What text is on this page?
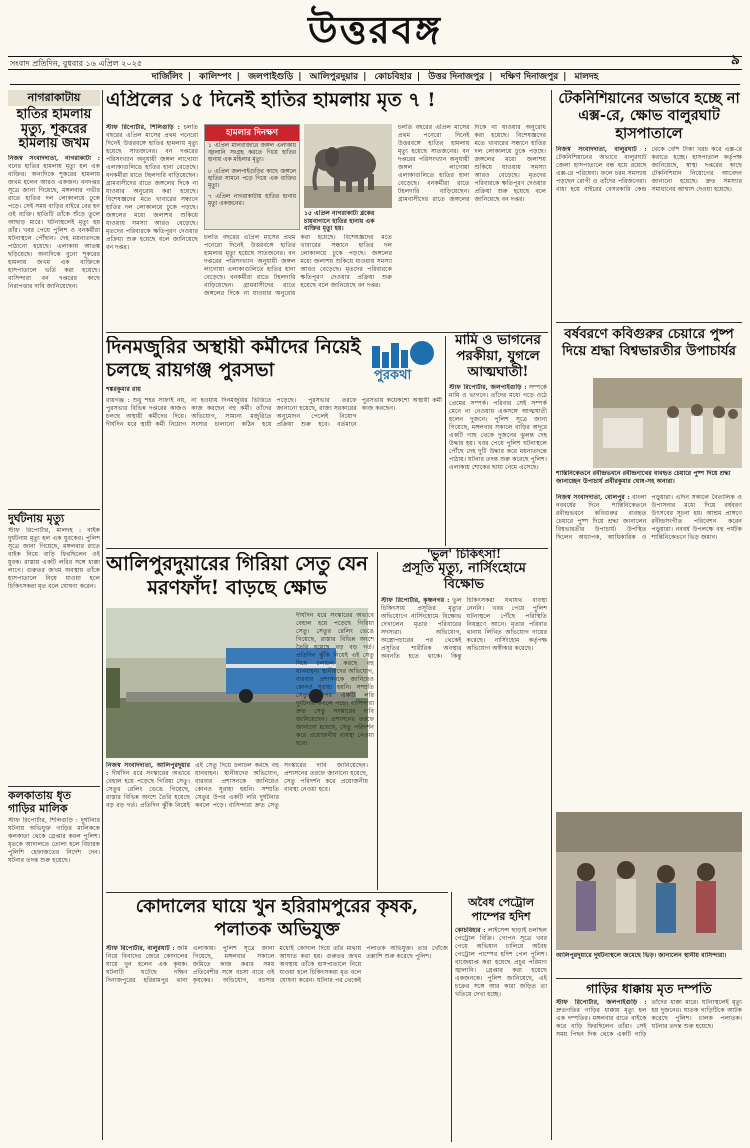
উত্তরবঙ্গ
সংবাদ প্রতিদিন, বুধবার ১৬ এপ্রিল ২০২৫	৯
দার্জিলিং | কালিম্পং | জলপাইগুড়ি | আলিপুরদুয়ার | কোচবিহার | উত্তর দিনাজপুর | দক্ষিণ দিনাজপুর | মালদহ
নাগরাকাটায়
হাতির হামলায় মৃত্যু, শূকরের
হামলায় জখম
নিজস্ব সংবাদদাতা, নাগরাকাটা : বনের হাতির হামলায় মৃত্যু হল এক ব্যক্তির। অন্যদিকে শূকরের হামলায় জখম হলেন আরও একজন। বনদপ্তর সূত্রে জানা গিয়েছে, মঙ্গলবার গভীর রাতে হাতির দল লোকালয়ে ঢুকে পড়ে। সেই সময় বাড়ির বাইরে বের হন ওই ব্যক্তি। হাতিটি তাঁকে শুঁড়ে তুলে আছাড় মারে। ঘটনাস্থলেই মৃত্যু হয় তাঁর। খবর পেয়ে পুলিশ ও বনকর্মীরা ঘটনাস্থলে পৌঁছান। দেহ ময়নাতদন্তে পাঠানো হয়েছে। এলাকায় আতঙ্ক ছড়িয়েছে। অন্যদিকে বুনো শূকরের হামলায় জখম এক ব্যক্তিকে হাসপাতালে ভর্তি করা হয়েছে। বাসিন্দারা বন দপ্তরের কাছে নিরাপত্তার দাবি জানিয়েছেন।
দুর্ঘটনায় মৃত্যু
স্টাফ রিপোর্টার, মালদহ : বাইক দুর্ঘটনায় মৃত্যু হল এক যুবকের। পুলিশ সূত্রে জানা গিয়েছে, মঙ্গলবার রাতে বাইক নিয়ে বাড়ি ফিরছিলেন ওই যুবক। রাস্তায় একটি লরির সঙ্গে ধাক্কা লাগে। গুরুতর জখম অবস্থায় তাঁকে হাসপাতালে নিয়ে যাওয়া হলে চিকিৎসকরা মৃত বলে ঘোষণা করেন।
কলকাতায় ধৃত গাড়ির মালিক
স্টাফ রিপোর্টার, শিলিগুড়ি : দুর্ঘটনার ঘটনায় অভিযুক্ত গাড়ির মালিককে কলকাতা থেকে গ্রেপ্তার করল পুলিশ। ধৃতকে আদালতে তোলা হলে বিচারক পুলিশি হেফাজতের নির্দেশ দেন। ঘটনার তদন্ত শুরু হয়েছে।
এপ্রিলের ১৫ দিনেই হাতির হামলায় মৃত ৭ !
স্টাফ রিপোর্টার, শিলিগুড়ি : চলতি বছরের এপ্রিল মাসের প্রথম পনেরো দিনেই উত্তরবঙ্গে হাতির হামলায় মৃত্যু হয়েছে সাতজনের। বন দপ্তরের পরিসংখ্যান অনুযায়ী জঙ্গল লাগোয়া এলাকাগুলিতে হাতির হানা বেড়েছে। বনকর্মীরা রাতে টহলদারি বাড়িয়েছেন। গ্রামবাসীদের রাতে জঙ্গলের দিকে না যাওয়ার অনুরোধ করা হয়েছে। বিশেষজ্ঞদের মতে খাবারের সন্ধানে হাতির দল লোকালয়ে ঢুকে পড়ছে। জঙ্গলের মধ্যে জলাশয় শুকিয়ে যাওয়ায় সমস্যা আরও বেড়েছে। মৃতদের পরিবারকে ক্ষতিপূরণ দেওয়ার প্রক্রিয়া শুরু হয়েছে বলে জানিয়েছে বন দপ্তর।
হামলার দিনক্ষণ
১ এপ্রিল মালবাজারে জঙ্গল এলাকায় জ্বালানি সংগ্রহ করতে গিয়ে হাতির হানায় এক মহিলার মৃত্যু।
৮ এপ্রিল জলপাইগুড়ির কাছে জঙ্গলে হাতির সামনে পড়ে গিয়ে এক ব্যক্তির মৃত্যু।
৭ এপ্রিল নাগরাকাটায় হাতির হানায় মৃত্যু একজনের।
১৫ এপ্রিল নাগরাকাটা ব্লকের চায়বাগানে হাতির হানায় এক ব্যক্তির মৃত্যু হয়।
চলতি বছরের এপ্রিল মাসের প্রথম পনেরো দিনেই উত্তরবঙ্গে হাতির হামলায় মৃত্যু হয়েছে সাতজনের। বন দপ্তরের পরিসংখ্যান অনুযায়ী জঙ্গল লাগোয়া এলাকাগুলিতে হাতির হানা বেড়েছে। বনকর্মীরা রাতে টহলদারি বাড়িয়েছেন। গ্রামবাসীদের রাতে জঙ্গলের দিকে না যাওয়ার অনুরোধ করা হয়েছে। বিশেষজ্ঞদের মতে খাবারের সন্ধানে হাতির দল লোকালয়ে ঢুকে পড়ছে। জঙ্গলের মধ্যে জলাশয় শুকিয়ে যাওয়ায় সমস্যা আরও বেড়েছে। মৃতদের পরিবারকে ক্ষতিপূরণ দেওয়ার প্রক্রিয়া শুরু হয়েছে বলে জানিয়েছে বন দপ্তর।
চলতি বছরের এপ্রিল মাসের প্রথম পনেরো দিনেই উত্তরবঙ্গে হাতির হামলায় মৃত্যু হয়েছে সাতজনের। বন দপ্তরের পরিসংখ্যান অনুযায়ী জঙ্গল লাগোয়া এলাকাগুলিতে হাতির হানা বেড়েছে। বনকর্মীরা রাতে টহলদারি বাড়িয়েছেন। গ্রামবাসীদের রাতে জঙ্গলের দিকে না যাওয়ার অনুরোধ করা হয়েছে। বিশেষজ্ঞদের মতে খাবারের সন্ধানে হাতির দল লোকালয়ে ঢুকে পড়ছে। জঙ্গলের মধ্যে জলাশয় শুকিয়ে যাওয়ায় সমস্যা আরও বেড়েছে। মৃতদের পরিবারকে ক্ষতিপূরণ দেওয়ার প্রক্রিয়া শুরু হয়েছে বলে জানিয়েছে বন দপ্তর।
টেকনিশিয়ানের অভাবে হচ্ছে না এক্স-রে, ক্ষোভ বালুরঘাট হাসপাতালে
নিজস্ব সংবাদদাতা, বালুরঘাট : টেকনিশিয়ানের অভাবে বালুরঘাট জেলা হাসপাতালে বন্ধ হয়ে রয়েছে এক্স-রে পরিষেবা। ফলে চরম সমস্যায় পড়ছেন রোগী ও তাঁদের পরিজনেরা। বাধ্য হয়ে বাইরের বেসরকারি কেন্দ্র থেকে বেশি টাকা খরচ করে এক্স-রে করাতে হচ্ছে। হাসপাতাল কর্তৃপক্ষ জানিয়েছে, স্বাস্থ্য দপ্তরের কাছে টেকনিশিয়ান নিয়োগের আবেদন জানানো হয়েছে। দ্রুত সমস্যার সমাধানের আশ্বাস দেওয়া হয়েছে।
দিনমজুরির অস্থায়ী কর্মীদের নিয়েই চলছে রায়গঞ্জ পুরসভা	পুরকথা
শঙ্করকুমার রায়
রায়গঞ্জ : শুধু শহর সাফাই নয়, পুরসভার বিভিন্ন দপ্তরের কাজও চলছে অস্থায়ী কর্মীদের দিয়ে। দীর্ঘদিন ধরে স্থায়ী কর্মী নিয়োগ না হওয়ায় দিনমজুরির ভিত্তিতে কাজ করছেন বহু কর্মী। তাঁদের অভিযোগ, সামান্য মজুরিতে সংসার চালানো কঠিন হয়ে পড়েছে। পুরসভার তরফে জানানো হয়েছে, রাজ্য সরকারের অনুমোদন পেলেই নিয়োগ প্রক্রিয়া শুরু হবে। বর্তমানে পুরসভায় কয়েকশো অস্থায়ী কর্মী কাজ করছেন।
মামি ও ভাগনের পরকীয়া, যুগলে আত্মঘাতী!
স্টাফ রিপোর্টার, জলপাইগুড়ি : সম্পর্কে মামি ও ভাগনে। তাঁদের মধ্যে গড়ে ওঠে প্রেমের সম্পর্ক। পরিবার সেই সম্পর্ক মেনে না নেওয়ায় একসঙ্গে আত্মঘাতী হলেন দুজনে। পুলিশ সূত্রে জানা গিয়েছে, মঙ্গলবার সকালে বাড়ির অদূরে একটি গাছ থেকে দুজনের ঝুলন্ত দেহ উদ্ধার হয়। খবর পেয়ে পুলিশ ঘটনাস্থলে পৌঁছে দেহ দুটি উদ্ধার করে ময়নাতদন্তে পাঠায়। ঘটনার তদন্ত শুরু করেছে পুলিশ। এলাকায় শোকের ছায়া নেমে এসেছে।
বর্ষবরণে কবিগুরুর চেয়ারে পুষ্প দিয়ে শ্রদ্ধা বিশ্বভারতীর উপাচার্যর
শান্তিনিকেতনে রবীন্দ্রভবনে রবীন্দ্রনাথের ব্যবহৃত চেয়ারে পুষ্প দিয়ে শ্রদ্ধা জানাচ্ছেন উপাচার্য প্রবীরকুমার ঘোষ-সহ অন্যরা।
নিজস্ব সংবাদদাতা, বোলপুর : বাংলা নববর্ষের দিনে শান্তিনিকেতনে রবীন্দ্রভবনে কবিগুরুর ব্যবহৃত চেয়ারে পুষ্প দিয়ে শ্রদ্ধা জানালেন বিশ্বভারতীর উপাচার্য। উপস্থিত ছিলেন অধ্যাপক, আধিকারিক ও পড়ুয়ারা। এদিন সকালে বৈতালিক ও উপাসনার মধ্যে দিয়ে বর্ষবরণ উৎসবের সূচনা হয়। আশ্রম প্রাঙ্গণে রবীন্দ্রসংগীত পরিবেশন করেন পড়ুয়ারা। নববর্ষ উপলক্ষে বহু পর্যটক শান্তিনিকেতনে ভিড় জমান।
আলিপুরদুয়ারে দুর্ঘটনাস্থলে জমেছে ভিড়। জানালেন স্থানীয় বাসিন্দারা।
আলিপুরদুয়ারের গিরিয়া সেতু যেন মরণফাঁদ! বাড়ছে ক্ষোভ
নিজস্ব সংবাদদাতা, আলিপুরদুয়ার : দীর্ঘদিন ধরে সংস্কারের অভাবে বেহাল হয়ে পড়েছে গিরিয়া সেতু। সেতুর রেলিং ভেঙে গিয়েছে, রাস্তার বিভিন্ন অংশে তৈরি হয়েছে বড় বড় গর্ত। প্রতিদিন ঝুঁকি নিয়েই এই সেতু দিয়ে চলাচল করছে বহু যানবাহন। স্থানীয়দের অভিযোগ, বারবার প্রশাসনকে জানিয়েও কোনও সুরাহা হয়নি। সম্প্রতি সেতুর উপর একটি লরি দুর্ঘটনার কবলে পড়ে। বাসিন্দারা দ্রুত সেতু সংস্কারের দাবি জানিয়েছেন। প্রশাসনের তরফে জানানো হয়েছে, সেতু পরিদর্শন করে প্রয়োজনীয় ব্যবস্থা নেওয়া হবে।
দীর্ঘদিন ধরে সংস্কারের অভাবে বেহাল হয়ে পড়েছে গিরিয়া সেতু। সেতুর রেলিং ভেঙে গিয়েছে, রাস্তার বিভিন্ন অংশে তৈরি হয়েছে বড় বড় গর্ত। প্রতিদিন ঝুঁকি নিয়েই এই সেতু দিয়ে চলাচল করছে বহু যানবাহন। স্থানীয়দের অভিযোগ, বারবার প্রশাসনকে জানিয়েও কোনও সুরাহা হয়নি। সম্প্রতি সেতুর উপর একটি লরি দুর্ঘটনার কবলে পড়ে। বাসিন্দারা দ্রুত সেতু সংস্কারের দাবি জানিয়েছেন। প্রশাসনের তরফে জানানো হয়েছে, সেতু পরিদর্শন করে প্রয়োজনীয় ব্যবস্থা নেওয়া হবে।
'ভুল' চিকিৎসা!
প্রসূতি মৃত্যু, নার্সিংহোমে বিক্ষোভ
স্টাফ রিপোর্টার, কৃষ্ণনগর : ভুল চিকিৎসায় প্রসূতির মৃত্যুর অভিযোগে নার্সিংহোমে বিক্ষোভ দেখালেন মৃতার পরিবারের সদস্যরা। অভিযোগ, অস্ত্রোপচারের পর থেকেই প্রসূতির শারীরিক অবস্থার অবনতি হতে থাকে। কিন্তু চিকিৎসকরা যথাযথ ব্যবস্থা নেননি। খবর পেয়ে পুলিশ ঘটনাস্থলে পৌঁছে পরিস্থিতি নিয়ন্ত্রণে আনে। মৃতার পরিবার থানায় লিখিত অভিযোগ দায়ের করেছে। নার্সিংহোম কর্তৃপক্ষ অভিযোগ অস্বীকার করেছে।
কোদালের ঘায়ে খুন হরিরামপুরের কৃষক, পলাতক অভিযুক্ত
স্টাফ রিপোর্টার, বালুরঘাট : জমি নিয়ে বিবাদের জেরে কোদালের ঘায়ে খুন হলেন এক কৃষক। ঘটনাটি ঘটেছে দক্ষিণ দিনাজপুরের হরিরামপুর থানা এলাকায়। পুলিশ সূত্রে জানা গিয়েছে, মঙ্গলবার সকালে জমিতে কাজ করার সময় প্রতিবেশীর সঙ্গে বচসা বাধে ওই কৃষকের। অভিযোগ, বচসার মধ্যেই কোদাল দিয়ে তাঁর মাথায় আঘাত করা হয়। গুরুতর জখম অবস্থায় তাঁকে হাসপাতালে নিয়ে যাওয়া হলে চিকিৎসকরা মৃত বলে ঘোষণা করেন। ঘটনার পর থেকেই পলাতক অভিযুক্ত। তার খোঁজে তল্লাশি শুরু করেছে পুলিশ।
অবৈধ পেট্রোল পাম্পের হদিশ
কোচবিহার : লাইসেন্স ছাড়াই চলছিল পেট্রোল বিক্রি। গোপন সূত্রে খবর পেয়ে অভিযান চালিয়ে অবৈধ পেট্রোল পাম্পের হদিশ পেল পুলিশ। বাজেয়াপ্ত করা হয়েছে প্রচুর পরিমাণ জ্বালানি। গ্রেপ্তার করা হয়েছে একজনকে। পুলিশ জানিয়েছে, এই চক্রের সঙ্গে আর কারা জড়িত তা খতিয়ে দেখা হচ্ছে।	গাড়ির ধাক্কায় মৃত দম্পতি
স্টাফ রিপোর্টার, জলপাইগুড়ি : দ্রুতগতির গাড়ির ধাক্কায় মৃত্যু হল এক দম্পতির। মঙ্গলবার রাতে বাইকে করে বাড়ি ফিরছিলেন তাঁরা। সেই সময় পিছন দিক থেকে একটি গাড়ি তাঁদের ধাক্কা মারে। ঘটনাস্থলেই মৃত্যু হয় দুজনের। ঘাতক গাড়িটিকে আটক করেছে পুলিশ। চালক পলাতক। ঘটনার তদন্ত শুরু হয়েছে।
